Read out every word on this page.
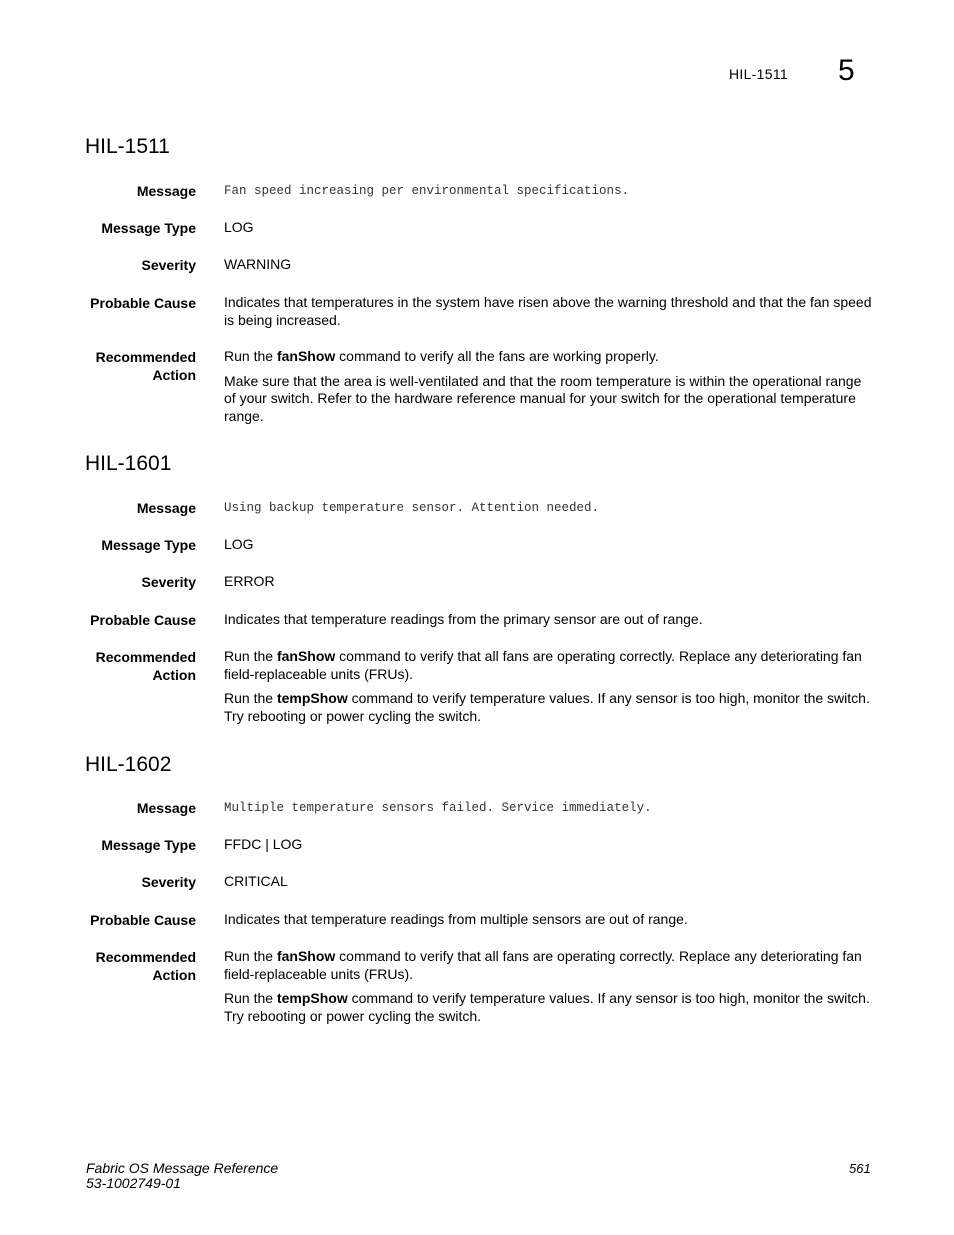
HIL-1511 5
HIL-1511
Message Fan speed increasing per environmental specifications.
Message Type LOG
Severity WARNING
Probable Cause Indicates that temperatures in the system have risen above the warning threshold and that the fan speed is being increased.
Recommended
Action

Run the fanShow command to verify all the fans are working properly.

Make sure that the area is well-ventilated and that the room temperature is within the operational range of your switch. Refer to the hardware reference manual for your switch for the operational temperature range.

HIL-1601
Message Using backup temperature sensor. Attention needed.
Message Type LOG
Severity ERROR
Probable Cause Indicates that temperature readings from the primary sensor are out of range.
Recommended
Action

Run the fanShow command to verify that all fans are operating correctly. Replace any deteriorating fan field-replaceable units (FRUs).

Run the tempShow command to verify temperature values. If any sensor is too high, monitor the switch. Try rebooting or power cycling the switch.

HIL-1602
Message Multiple temperature sensors failed. Service immediately.
Message Type FFDC | LOG
Severity CRITICAL
Probable Cause Indicates that temperature readings from multiple sensors are out of range.
Recommended
Action

Run the fanShow command to verify that all fans are operating correctly. Replace any deteriorating fan field-replaceable units (FRUs).

Run the tempShow command to verify temperature values. If any sensor is too high, monitor the switch. Try rebooting or power cycling the switch.

Fabric OS Message Reference
53-1002749-01
561
